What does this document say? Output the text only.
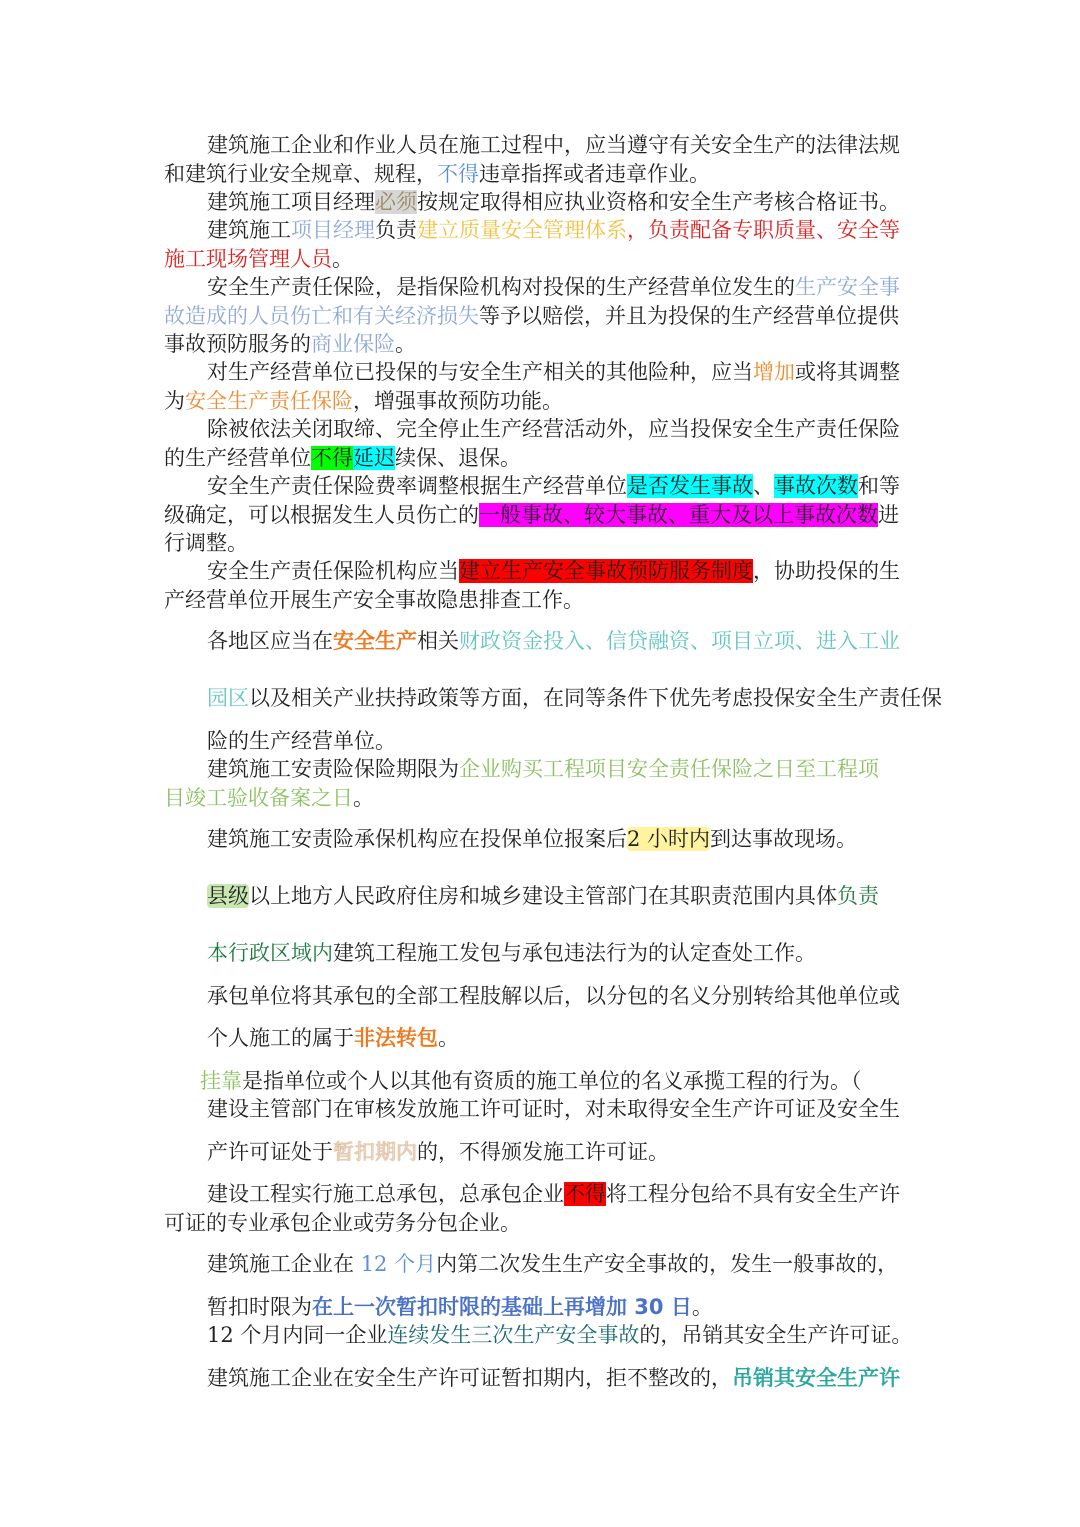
建筑施工企业和作业人员在施工过程中，应当遵守有关安全生产的法律法规
和建筑行业安全规章、规程，不得违章指挥或者违章作业。
建筑施工项目经理必须按规定取得相应执业资格和安全生产考核合格证书。
建筑施工项目经理负责建立质量安全管理体系，负责配备专职质量、安全等
施工现场管理人员。
安全生产责任保险，是指保险机构对投保的生产经营单位发生的生产安全事
故造成的人员伤亡和有关经济损失等予以赔偿，并且为投保的生产经营单位提供
事故预防服务的商业保险。
对生产经营单位已投保的与安全生产相关的其他险种，应当增加或将其调整
为安全生产责任保险，增强事故预防功能。
除被依法关闭取缔、完全停止生产经营活动外，应当投保安全生产责任保险
的生产经营单位不得延迟续保、退保。
安全生产责任保险费率调整根据生产经营单位是否发生事故、事故次数和等
级确定，可以根据发生人员伤亡的一般事故、较大事故、重大及以上事故次数进
行调整。
安全生产责任保险机构应当建立生产安全事故预防服务制度，协助投保的生
产经营单位开展生产安全事故隐患排查工作。
各地区应当在安全生产相关财政资金投入、信贷融资、项目立项、进入工业
园区以及相关产业扶持政策等方面，在同等条件下优先考虑投保安全生产责任保
险的生产经营单位。
建筑施工安责险保险期限为企业购买工程项目安全责任保险之日至工程项
目竣工验收备案之日。
建筑施工安责险承保机构应在投保单位报案后2 小时内到达事故现场。
县级以上地方人民政府住房和城乡建设主管部门在其职责范围内具体负责
本行政区域内建筑工程施工发包与承包违法行为的认定查处工作。
承包单位将其承包的全部工程肢解以后，以分包的名义分别转给其他单位或
个人施工的属于非法转包。
挂靠是指单位或个人以其他有资质的施工单位的名义承揽工程的行为。（
建设主管部门在审核发放施工许可证时，对未取得安全生产许可证及安全生
产许可证处于暂扣期内的，不得颁发施工许可证。
建设工程实行施工总承包，总承包企业不得将工程分包给不具有安全生产许
可证的专业承包企业或劳务分包企业。
建筑施工企业在 12 个月内第二次发生生产安全事故的，发生一般事故的，
暂扣时限为在上一次暂扣时限的基础上再增加 30 日。
12 个月内同一企业连续发生三次生产安全事故的，吊销其安全生产许可证。
建筑施工企业在安全生产许可证暂扣期内，拒不整改的，吊销其安全生产许
